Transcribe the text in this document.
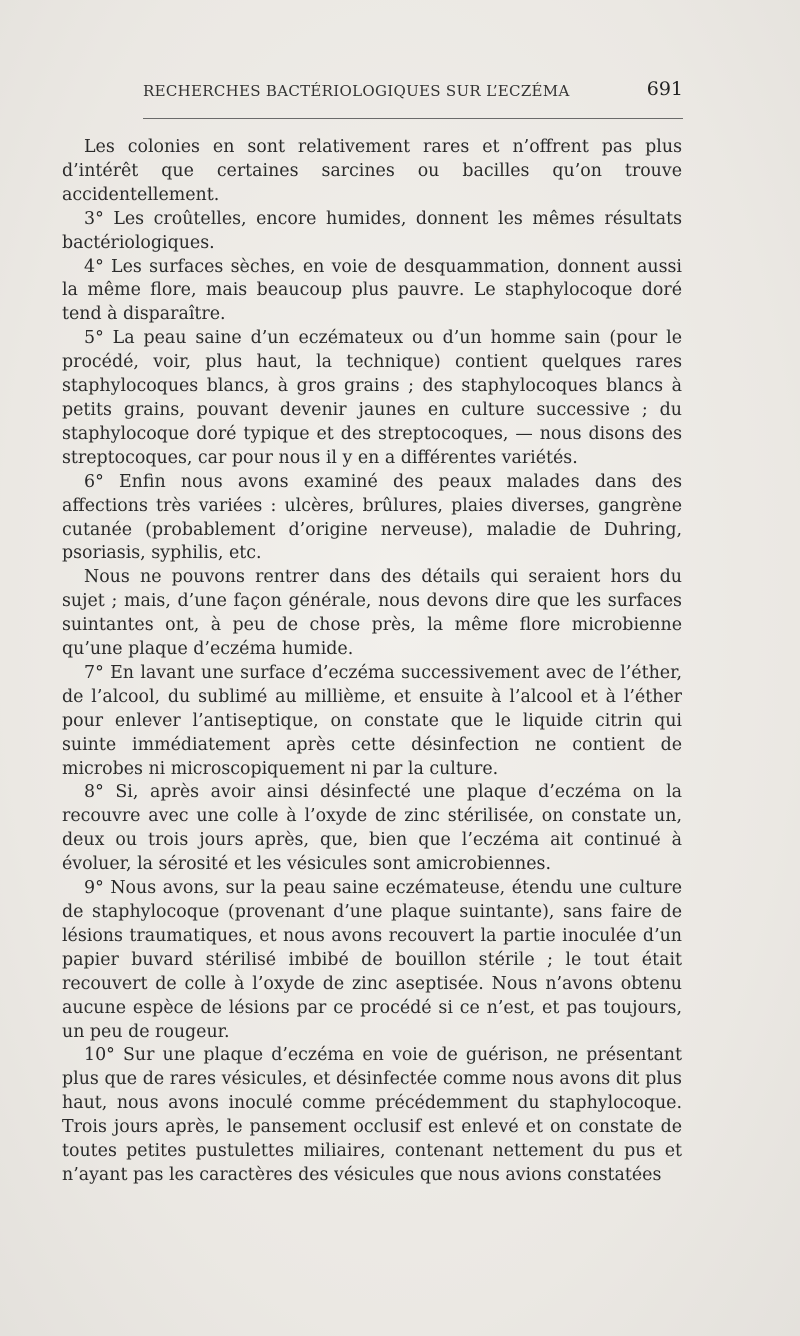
RECHERCHES BACTÉRIOLOGIQUES SUR L’ECZÉMA	691

Les colonies en sont relativement rares et n’offrent pas plus d’intérêt que certaines sarcines ou bacilles qu’on trouve accidentellement.

3° Les croûtelles, encore humides, donnent les mêmes résultats bactériologiques.

4° Les surfaces sèches, en voie de desquammation, donnent aussi la même flore, mais beaucoup plus pauvre. Le staphylocoque doré tend à disparaître.

5° La peau saine d’un eczémateux ou d’un homme sain (pour le procédé, voir, plus haut, la technique) contient quelques rares staphylocoques blancs, à gros grains ; des staphylocoques blancs à petits grains, pouvant devenir jaunes en culture successive ; du staphylocoque doré typique et des streptocoques, — nous disons des streptocoques, car pour nous il y en a différentes variétés.

6° Enfin nous avons examiné des peaux malades dans des affections très variées : ulcères, brûlures, plaies diverses, gangrène cutanée (probablement d’origine nerveuse), maladie de Duhring, psoriasis, syphilis, etc.

Nous ne pouvons rentrer dans des détails qui seraient hors du sujet ; mais, d’une façon générale, nous devons dire que les surfaces suintantes ont, à peu de chose près, la même flore microbienne qu’une plaque d’eczéma humide.

7° En lavant une surface d’eczéma successivement avec de l’éther, de l’alcool, du sublimé au millième, et ensuite à l’alcool et à l’éther pour enlever l’antiseptique, on constate que le liquide citrin qui suinte immédiatement après cette désinfection ne contient de microbes ni microscopiquement ni par la culture.

8° Si, après avoir ainsi désinfecté une plaque d’eczéma on la recouvre avec une colle à l’oxyde de zinc stérilisée, on constate un, deux ou trois jours après, que, bien que l’eczéma ait continué à évoluer, la sérosité et les vésicules sont amicrobiennes.

9° Nous avons, sur la peau saine eczémateuse, étendu une culture de staphylocoque (provenant d’une plaque suintante), sans faire de lésions traumatiques, et nous avons recouvert la partie inoculée d’un papier buvard stérilisé imbibé de bouillon stérile ; le tout était recouvert de colle à l’oxyde de zinc aseptisée. Nous n’avons obtenu aucune espèce de lésions par ce procédé si ce n’est, et pas toujours, un peu de rougeur.

10° Sur une plaque d’eczéma en voie de guérison, ne présentant plus que de rares vésicules, et désinfectée comme nous avons dit plus haut, nous avons inoculé comme précédemment du staphylocoque. Trois jours après, le pansement occlusif est enlevé et on constate de toutes petites pustulettes miliaires, contenant nettement du pus et n’ayant pas les caractères des vésicules que nous avions constatées
